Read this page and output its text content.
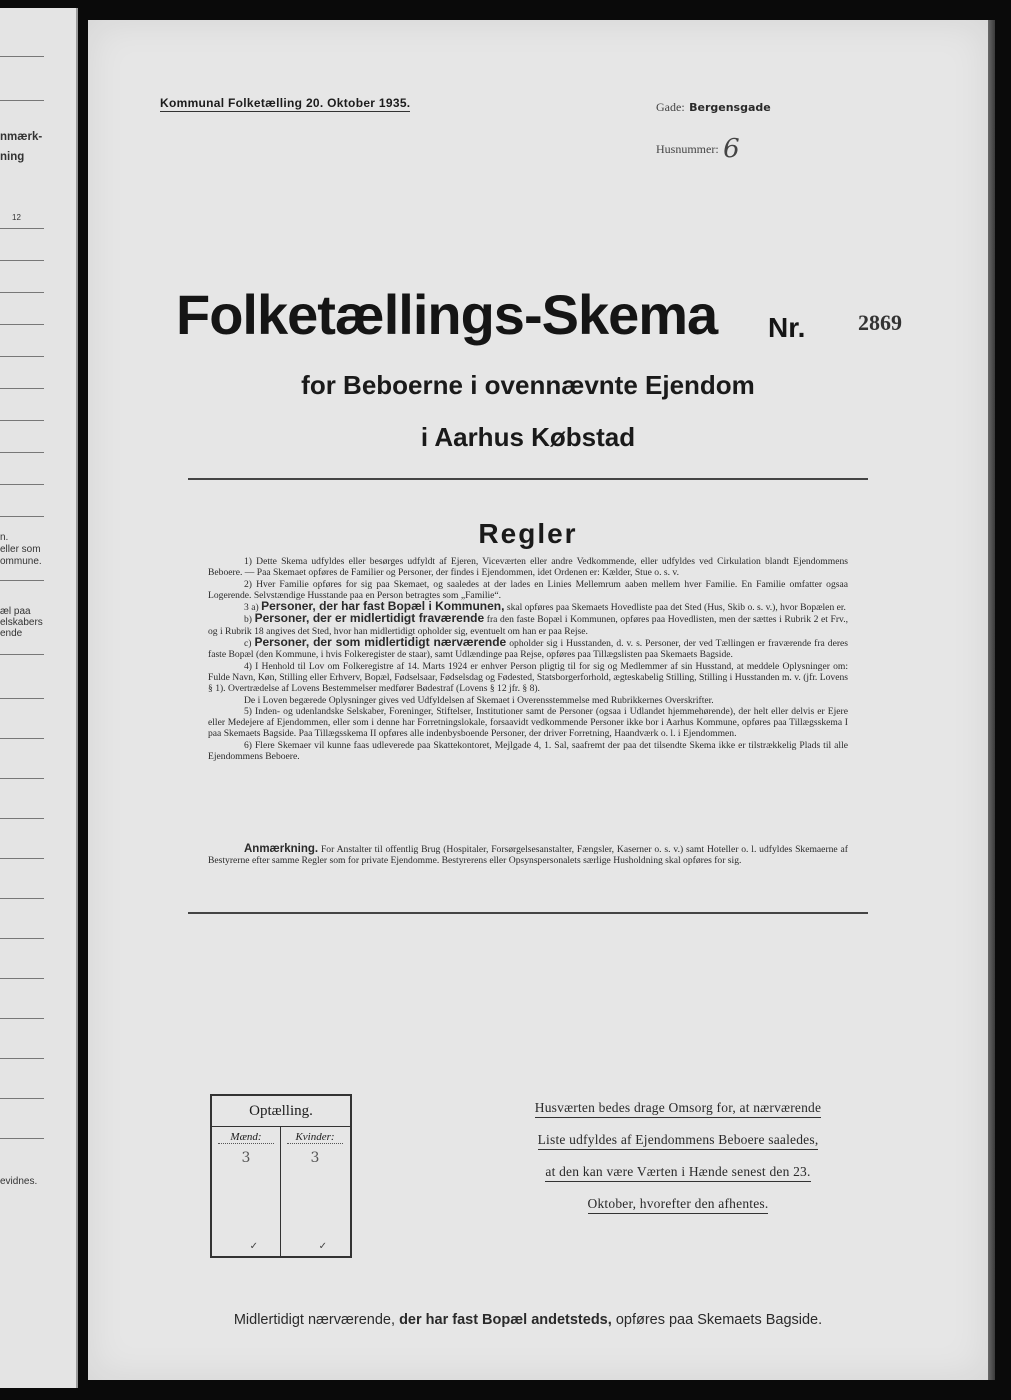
nmærk-
ning
12
n.
eller som
ommune.
æl paa
elskabers
ende
evidnes.
Kommunal Folketælling 20. Oktober 1935.	Gade: Bergensgade
Husnummer: 6
Folketællings-Skema Nr. 2869
for Beboerne i ovennævnte Ejendom
i Aarhus Købstad
Regler

1) Dette Skema udfyldes eller besørges udfyldt af Ejeren, Viceværten eller andre Vedkommende, eller udfyldes ved Cirkulation blandt Ejendommens Beboere. — Paa Skemaet opføres de Familier og Personer, der findes i Ejendommen, idet Ordenen er: Kælder, Stue o. s. v.

2) Hver Familie opføres for sig paa Skemaet, og saaledes at der lades en Linies Mellemrum aaben mellem hver Familie. En Familie omfatter ogsaa Logerende. Selvstændige Husstande paa en Person betragtes som „Familie“.

3 a) Personer, der har fast Bopæl i Kommunen, skal opføres paa Skemaets Hovedliste paa det Sted (Hus, Skib o. s. v.), hvor Bopælen er.

b) Personer, der er midlertidigt fraværende fra den faste Bopæl i Kommunen, opføres paa Hovedlisten, men der sættes i Rubrik 2 et Frv., og i Rubrik 18 angives det Sted, hvor han midlertidigt opholder sig, eventuelt om han er paa Rejse.

c) Personer, der som midlertidigt nærværende opholder sig i Husstanden, d. v. s. Personer, der ved Tællingen er fraværende fra deres faste Bopæl (den Kommune, i hvis Folkeregister de staar), samt Udlændinge paa Rejse, opføres paa Tillægslisten paa Skemaets Bagside.

4) I Henhold til Lov om Folkeregistre af 14. Marts 1924 er enhver Person pligtig til for sig og Medlemmer af sin Husstand, at meddele Oplysninger om: Fulde Navn, Køn, Stilling eller Erhverv, Bopæl, Fødselsaar, Fødselsdag og Fødested, Statsborgerforhold, ægteskabelig Stilling, Stilling i Husstanden m. v. (jfr. Lovens § 1). Overtrædelse af Lovens Bestemmelser medfører Bødestraf (Lovens § 12 jfr. § 8).

De i Loven begærede Oplysninger gives ved Udfyldelsen af Skemaet i Overensstemmelse med Rubrikkernes Overskrifter.

5) Inden- og udenlandske Selskaber, Foreninger, Stiftelser, Institutioner samt de Personer (ogsaa i Udlandet hjemmehørende), der helt eller delvis er Ejere eller Medejere af Ejendommen, eller som i denne har Forretningslokale, forsaavidt vedkommende Personer ikke bor i Aarhus Kommune, opføres paa Tillægsskema I paa Skemaets Bagside. Paa Tillægsskema II opføres alle indenbysboende Personer, der driver Forretning, Haandværk o. l. i Ejendommen.

6) Flere Skemaer vil kunne faas udleverede paa Skattekontoret, Mejlgade 4, 1. Sal, saafremt der paa det tilsendte Skema ikke er tilstrækkelig Plads til alle Ejendommens Beboere.

Anmærkning. For Anstalter til offentlig Brug (Hospitaler, Forsørgelsesanstalter, Fængsler, Kaserner o. s. v.) samt Hoteller o. l. udfyldes Skemaerne af Bestyrerne efter samme Regler som for private Ejendomme. Bestyrerens eller Opsynspersonalets særlige Husholdning skal opføres for sig.
Optælling.
Mænd:
3
✓
Kvinder:
3
✓
Husværten bedes drage Omsorg for, at nærværende
Liste udfyldes af Ejendommens Beboere saaledes,
at den kan være Værten i Hænde senest den 23.
Oktober, hvorefter den afhentes.
Midlertidigt nærværende, der har fast Bopæl andetsteds, opføres paa Skemaets Bagside.
